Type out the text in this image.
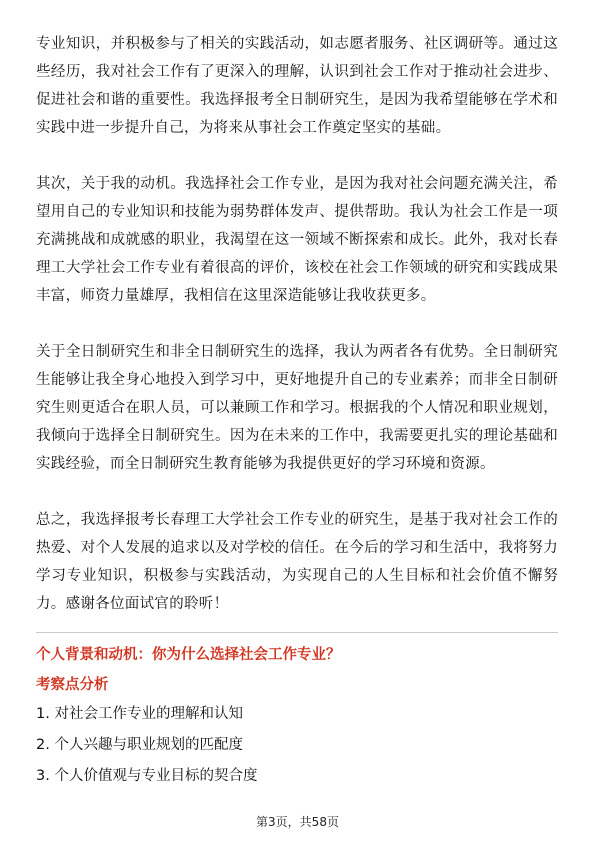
专业知识，并积极参与了相关的实践活动，如志愿者服务、社区调研等。通过这些经历，我对社会工作有了更深入的理解，认识到社会工作对于推动社会进步、促进社会和谐的重要性。我选择报考全日制研究生，是因为我希望能够在学术和实践中进一步提升自己，为将来从事社会工作奠定坚实的基础。

其次，关于我的动机。我选择社会工作专业，是因为我对社会问题充满关注，希望用自己的专业知识和技能为弱势群体发声、提供帮助。我认为社会工作是一项充满挑战和成就感的职业，我渴望在这一领域不断探索和成长。此外，我对长春理工大学社会工作专业有着很高的评价，该校在社会工作领域的研究和实践成果丰富，师资力量雄厚，我相信在这里深造能够让我收获更多。

关于全日制研究生和非全日制研究生的选择，我认为两者各有优势。全日制研究生能够让我全身心地投入到学习中，更好地提升自己的专业素养；而非全日制研究生则更适合在职人员，可以兼顾工作和学习。根据我的个人情况和职业规划，我倾向于选择全日制研究生。因为在未来的工作中，我需要更扎实的理论基础和实践经验，而全日制研究生教育能够为我提供更好的学习环境和资源。

总之，我选择报考长春理工大学社会工作专业的研究生，是基于我对社会工作的热爱、对个人发展的追求以及对学校的信任。在今后的学习和生活中，我将努力学习专业知识，积极参与实践活动，为实现自己的人生目标和社会价值不懈努力。感谢各位面试官的聆听！

个人背景和动机：你为什么选择社会工作专业？
考察点分析
1. 对社会工作专业的理解和认知
2. 个人兴趣与职业规划的匹配度
3. 个人价值观与专业目标的契合度
第3页，共58页
